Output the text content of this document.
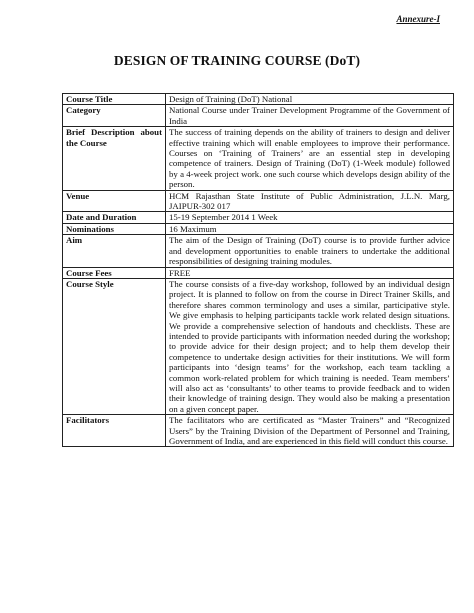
Annexure-I
DESIGN OF TRAINING COURSE (DoT)
Course Title	Design of Training (DoT) National
Category	National Course under Trainer Development Programme of the Government of India
Brief Description about the Course	The success of training depends on the ability of trainers to design and deliver effective training which will enable employees to improve their performance. Courses on ‘Training of Trainers’ are an essential step in developing competence of trainers. Design of Training (DoT) (1-Week module) followed by a 4-week project work. one such course which develops design ability of the person.
Venue	HCM Rajasthan State Institute of Public Administration, J.L.N. Marg, JAIPUR-302 017
Date and Duration	15-19 September 2014 1 Week
Nominations	16 Maximum
Aim	The aim of the Design of Training (DoT) course is to provide further advice and development opportunities to enable trainers to undertake the additional responsibilities of designing training modules.
Course Fees	FREE
Course Style	The course consists of a five-day workshop, followed by an individual design project. It is planned to follow on from the course in Direct Trainer Skills, and therefore shares common terminology and uses a similar, participative style. We give emphasis to helping participants tackle work related design situations. We provide a comprehensive selection of handouts and checklists. These are intended to provide participants with information needed during the workshop; to provide advice for their design project; and to help them develop their competence to undertake design activities for their institutions. We will form participants into ‘design teams’ for the workshop, each team tackling a common work-related problem for which training is needed. Team members’ will also act as ‘consultants’ to other teams to provide feedback and to widen their knowledge of training design. They would also be making a presentation on a given concept paper.
Facilitators	The facilitators who are certificated as “Master Trainers” and “Recognized Users” by the Training Division of the Department of Personnel and Training, Government of India, and are experienced in this field will conduct this course.
